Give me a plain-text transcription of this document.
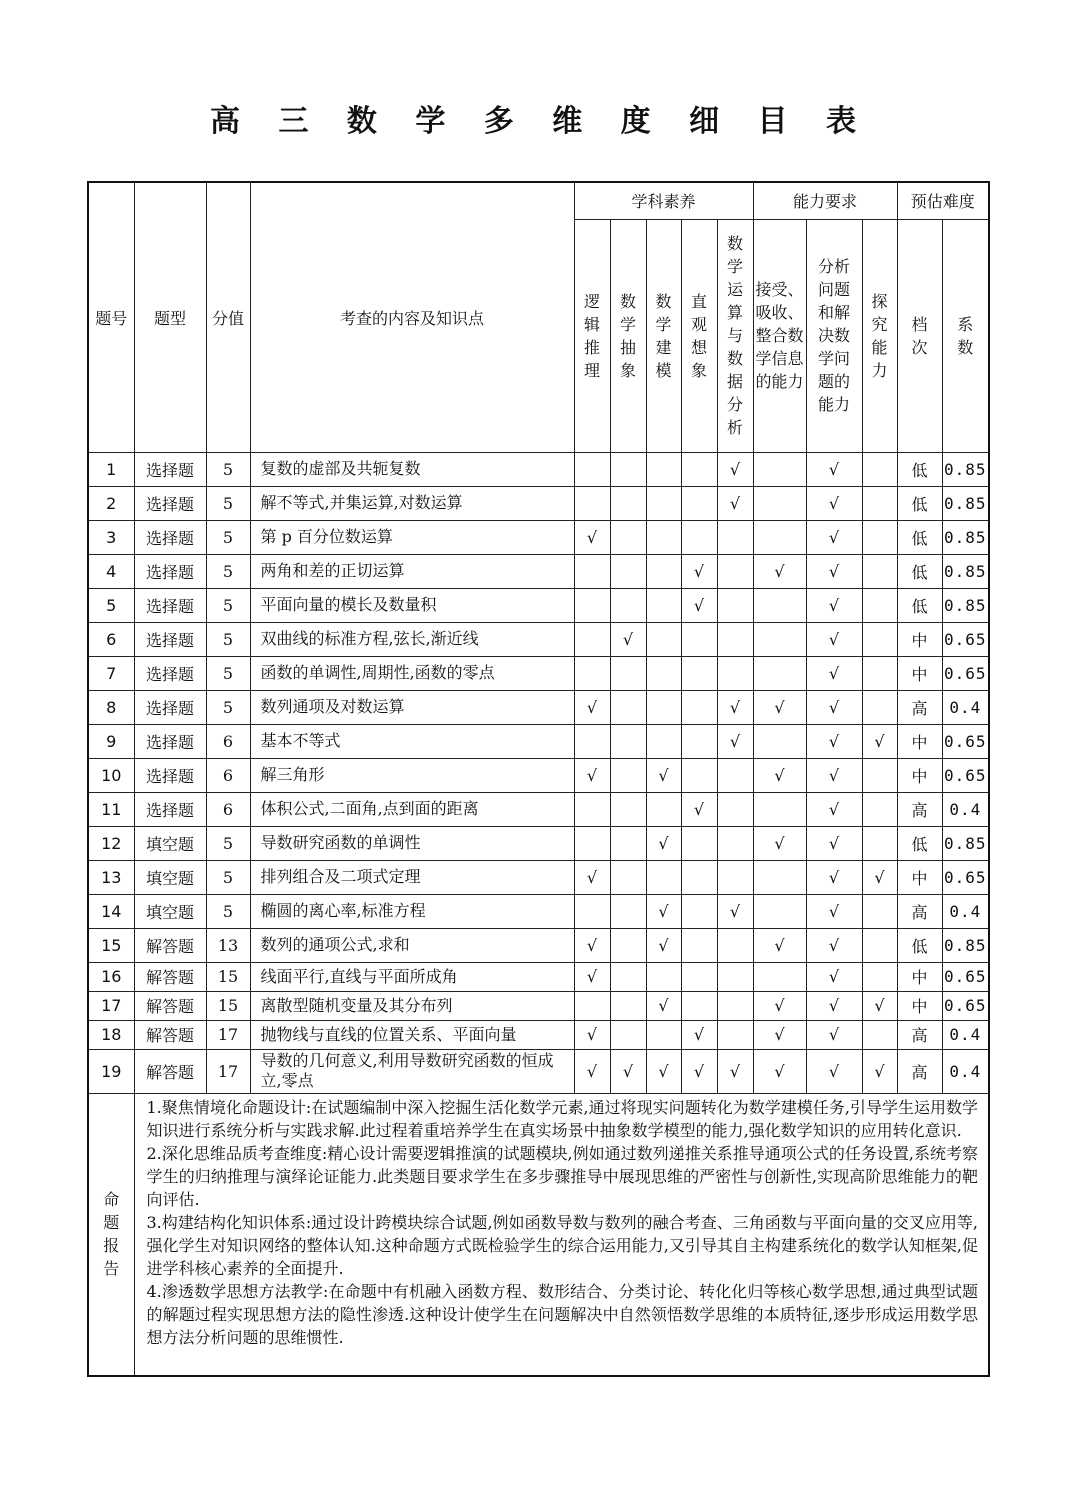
高 三 数 学 多 维 度 细 目 表
题号	题型	分值	考查的内容及知识点	学科素养					能力要求			预估难度	
				逻辑推理	数学抽象	数学建模	直观想象	数学运算与数据分析	接受、吸收、整合数学信息的能力	分析问题和解决数学问题的能力	探究能力	档次	系数
1	选择题	5	复数的虚部及共轭复数					√		√		低	0.85
2	选择题	5	解不等式,并集运算,对数运算					√		√		低	0.85
3	选择题	5	第 p 百分位数运算	√						√		低	0.85
4	选择题	5	两角和差的正切运算				√		√	√		低	0.85
5	选择题	5	平面向量的模长及数量积				√			√		低	0.85
6	选择题	5	双曲线的标准方程,弦长,渐近线		√					√		中	0.65
7	选择题	5	函数的单调性,周期性,函数的零点							√		中	0.65
8	选择题	5	数列通项及对数运算	√				√	√	√		高	0.4
9	选择题	6	基本不等式					√		√	√	中	0.65
10	选择题	6	解三角形	√		√			√	√		中	0.65
11	选择题	6	体积公式,二面角,点到面的距离				√			√		高	0.4
12	填空题	5	导数研究函数的单调性			√			√	√		低	0.85
13	填空题	5	排列组合及二项式定理	√						√	√	中	0.65
14	填空题	5	椭圆的离心率,标准方程			√		√		√		高	0.4
15	解答题	13	数列的通项公式,求和	√		√			√	√		低	0.85
16	解答题	15	线面平行,直线与平面所成角	√						√		中	0.65
17	解答题	15	离散型随机变量及其分布列			√			√	√	√	中	0.65
18	解答题	17	抛物线与直线的位置关系、平面向量	√			√		√	√		高	0.4
19	解答题	17	导数的几何意义,利用导数研究函数的恒成立,零点	√	√	√	√	√	√	√	√	高	0.4
命题报告	1.聚焦情境化命题设计:在试题编制中深入挖掘生活化数学元素,通过将现实问题转化为数学建模任务,引导学生运用数学知识进行系统分析与实践求解.此过程着重培养学生在真实场景中抽象数学模型的能力,强化数学知识的应用转化意识.

2.深化思维品质考查维度:精心设计需要逻辑推演的试题模块,例如通过数列递推关系推导通项公式的任务设置,系统考察学生的归纳推理与演绎论证能力.此类题目要求学生在多步骤推导中展现思维的严密性与创新性,实现高阶思维能力的靶向评估.

3.构建结构化知识体系:通过设计跨模块综合试题,例如函数导数与数列的融合考查、三角函数与平面向量的交叉应用等,强化学生对知识网络的整体认知.这种命题方式既检验学生的综合运用能力,又引导其自主构建系统化的数学认知框架,促进学科核心素养的全面提升.

4.渗透数学思想方法教学:在命题中有机融入函数方程、数形结合、分类讨论、转化化归等核心数学思想,通过典型试题的解题过程实现思想方法的隐性渗透.这种设计使学生在问题解决中自然领悟数学思维的本质特征,逐步形成运用数学思想方法分析问题的思维惯性.												
